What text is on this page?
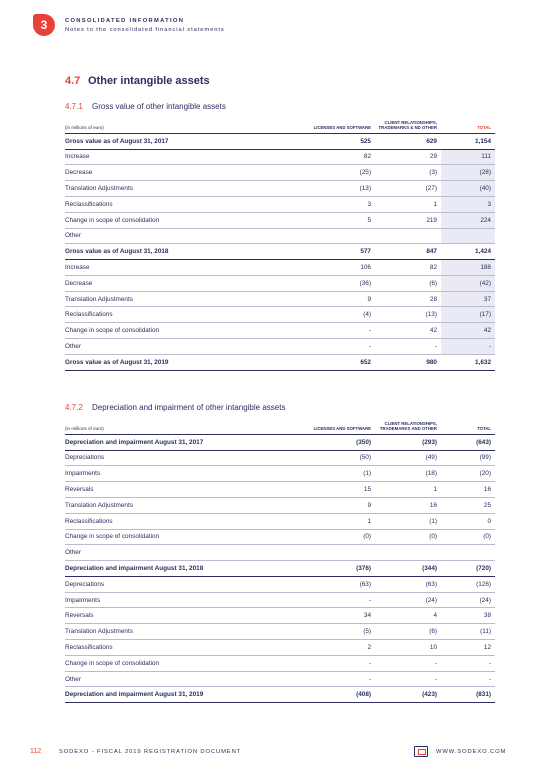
3	CONSOLIDATED INFORMATION
Notes to the consolidated financial statements
4.7 Other intangible assets
4.7.1 Gross value of other intangible assets
(in millions of euro)	LICENSES AND SOFTWARE	CLIENT RELATIONSHIPS, TRADEMARKS & ND OTHER	TOTAL
Gross value as of August 31, 2017	525	629	1,154
Increase	82	29	111
Decrease	(25)	(3)	(28)
Translation Adjustments	(13)	(27)	(40)
Reclassifications	3	1	3
Change in scope of consolidation	5	219	224
Other			
Gross value as of August 31, 2018	577	847	1,424
Increase	106	82	188
Decrease	(36)	(6)	(42)
Translation Adjustments	9	28	37
Reclassifications	(4)	(13)	(17)
Change in scope of consolidation	-	42	42
Other	-	-	-
Gross value as of August 31, 2019	652	980	1,632
4.7.2 Depreciation and impairment of other intangible assets
(in millions of euro)	LICENSES AND SOFTWARE	CLIENT RELATIONSHIPS, TRADEMARKS AND OTHER	TOTAL
Depreciation and impairment August 31, 2017	(350)	(293)	(643)
Depreciations	(50)	(49)	(99)
Impairments	(1)	(18)	(20)
Reversals	15	1	16
Translation Adjustments	9	16	25
Reclassifications	1	(1)	0
Change in scope of consolidation	(0)	(0)	(0)
Other			
Depreciation and impairment August 31, 2018	(376)	(344)	(720)
Depreciations	(63)	(63)	(126)
Impairments	-	(24)	(24)
Reversals	34	4	38
Translation Adjustments	(5)	(6)	(11)
Reclassifications	2	10	12
Change in scope of consolidation	-	-	-
Other	-	-	-
Depreciation and impairment August 31, 2019	(408)	(423)	(831)
112	SODEXO - FISCAL 2019 REGISTRATION DOCUMENT	WWW.SODEXO.COM
